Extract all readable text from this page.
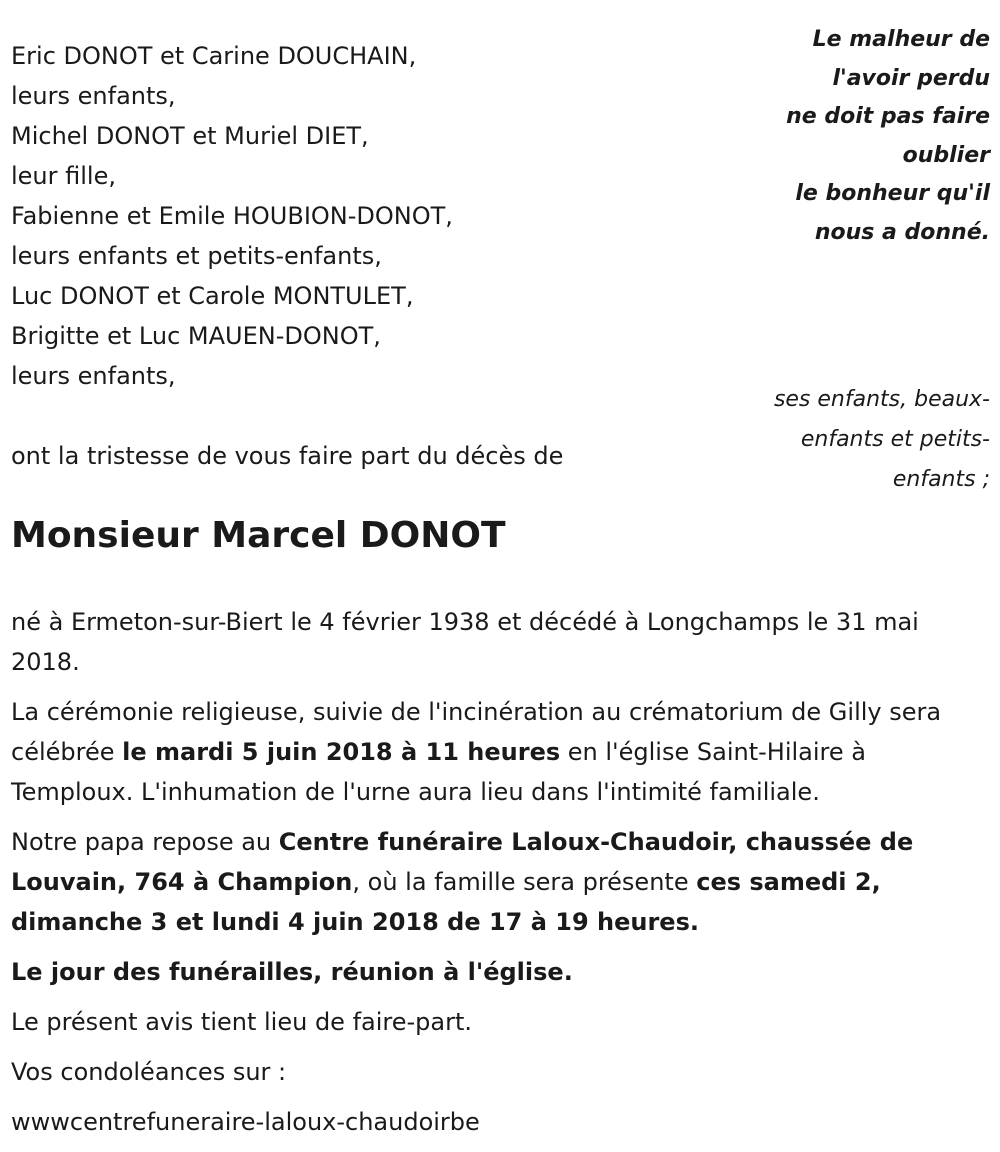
Eric DONOT et Carine DOUCHAIN,
leurs enfants,
Michel DONOT et Muriel DIET,
leur fille,
Fabienne et Emile HOUBION-DONOT,
leurs enfants et petits-enfants,
Luc DONOT et Carole MONTULET,
Brigitte et Luc MAUEN-DONOT,
leurs enfants,
Le malheur de
l'avoir perdu
ne doit pas faire
oublier
le bonheur qu'il
nous a donné.
ses enfants, beaux-
enfants et petits-
enfants ;
ont la tristesse de vous faire part du décès de
Monsieur Marcel DONOT

né à Ermeton-sur-Biert le 4 février 1938 et décédé à Longchamps le 31 mai 2018.

La cérémonie religieuse, suivie de l'incinération au crématorium de Gilly sera célébrée le mardi 5 juin 2018 à 11 heures en l'église Saint-Hilaire à Temploux. L'inhumation de l'urne aura lieu dans l'intimité familiale.

Notre papa repose au Centre funéraire Laloux-Chaudoir, chaussée de Louvain, 764 à Champion, où la famille sera présente ces samedi 2, dimanche 3 et lundi 4 juin 2018 de 17 à 19 heures.

Le jour des funérailles, réunion à l'église.

Le présent avis tient lieu de faire-part.

Vos condoléances sur :

wwwcentrefuneraire-laloux-chaudoirbe
